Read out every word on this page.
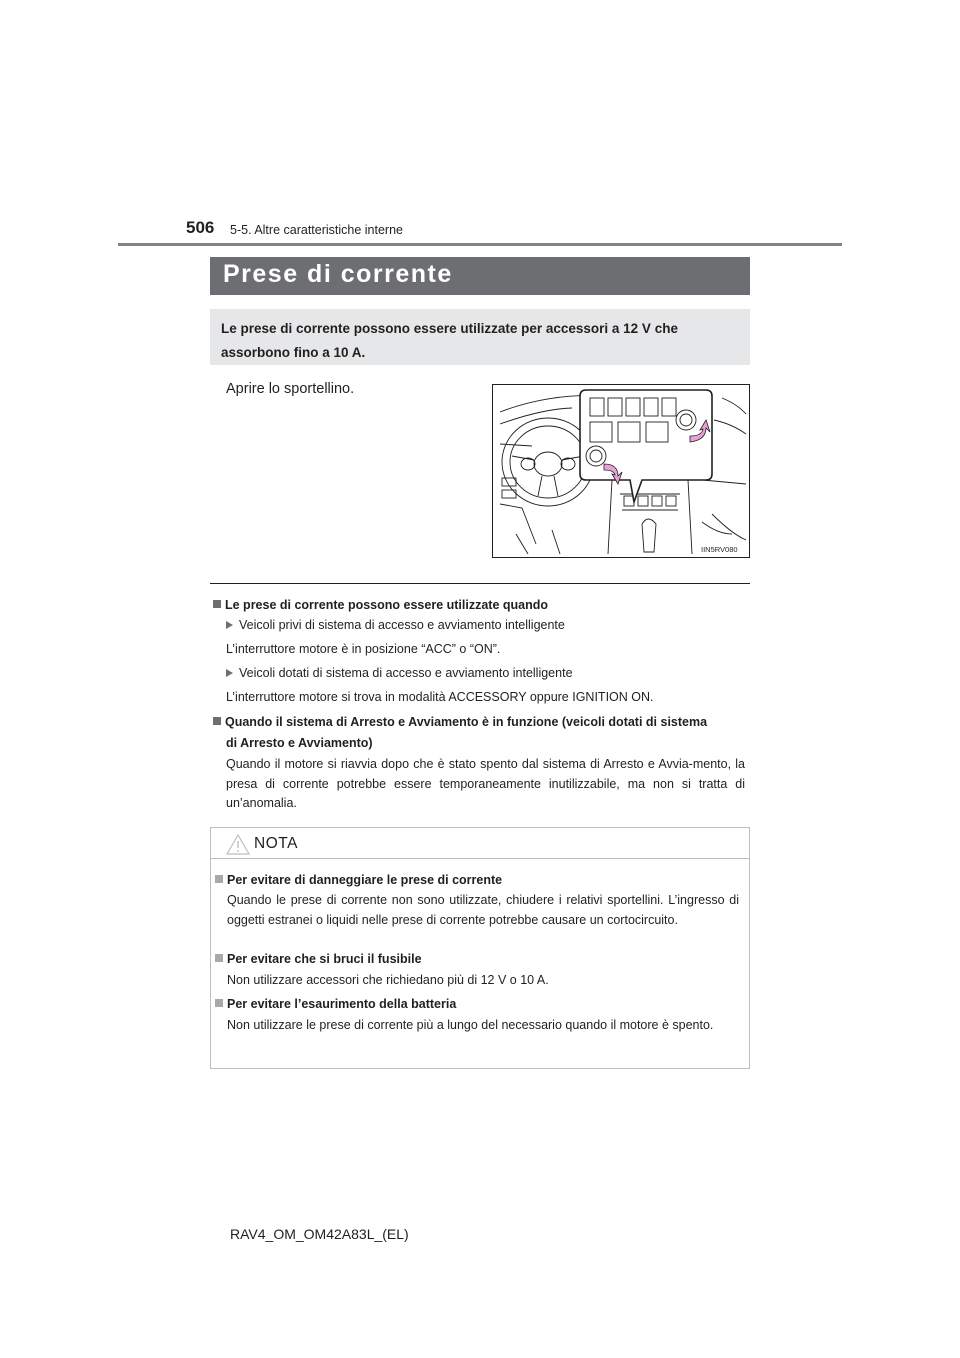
506 5-5. Altre caratteristiche interne
Prese di corrente
Le prese di corrente possono essere utilizzate per accessori a 12 V che assorbono fino a 10 A.
Aprire lo sportellino.
IIN5RV080
Le prese di corrente possono essere utilizzate quando
Veicoli privi di sistema di accesso e avviamento intelligente
L’interruttore motore è in posizione “ACC” o “ON”.
Veicoli dotati di sistema di accesso e avviamento intelligente
L’interruttore motore si trova in modalità ACCESSORY oppure IGNITION ON.
Quando il sistema di Arresto e Avviamento è in funzione (veicoli dotati di sistema
di Arresto e Avviamento)
Quando il motore si riavvia dopo che è stato spento dal sistema di Arresto e Avvia-mento, la presa di corrente potrebbe essere temporaneamente inutilizzabile, ma non si tratta di un’anomalia.
NOTA
Per evitare di danneggiare le prese di corrente
Quando le prese di corrente non sono utilizzate, chiudere i relativi sportellini. L’ingresso di oggetti estranei o liquidi nelle prese di corrente potrebbe causare un cortocircuito.
Per evitare che si bruci il fusibile
Non utilizzare accessori che richiedano più di 12 V o 10 A.
Per evitare l’esaurimento della batteria
Non utilizzare le prese di corrente più a lungo del necessario quando il motore è spento.
RAV4_OM_OM42A83L_(EL)
